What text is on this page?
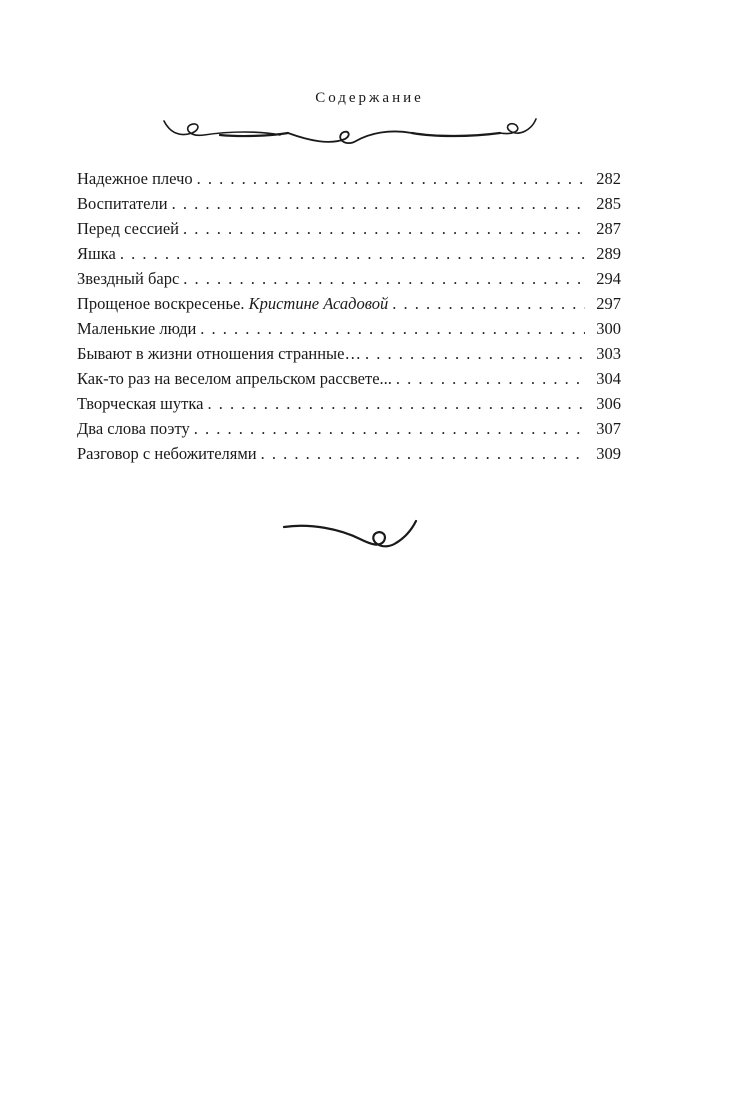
Содержание
Надежное плечо . . .	282
Воспитатели . . .	285
Перед сессией . . .	287
Яшка . . .	289
Звездный барс . . .	294
Прощеное воскресенье. Кристине Асадовой . . .	297
Маленькие люди . . .	300
Бывают в жизни отношения странные… . . .	303
Как-то раз на веселом апрельском рассвете... . . .	304
Творческая шутка . . .	306
Два слова поэту . . .	307
Разговор с небожителями . . .	309
